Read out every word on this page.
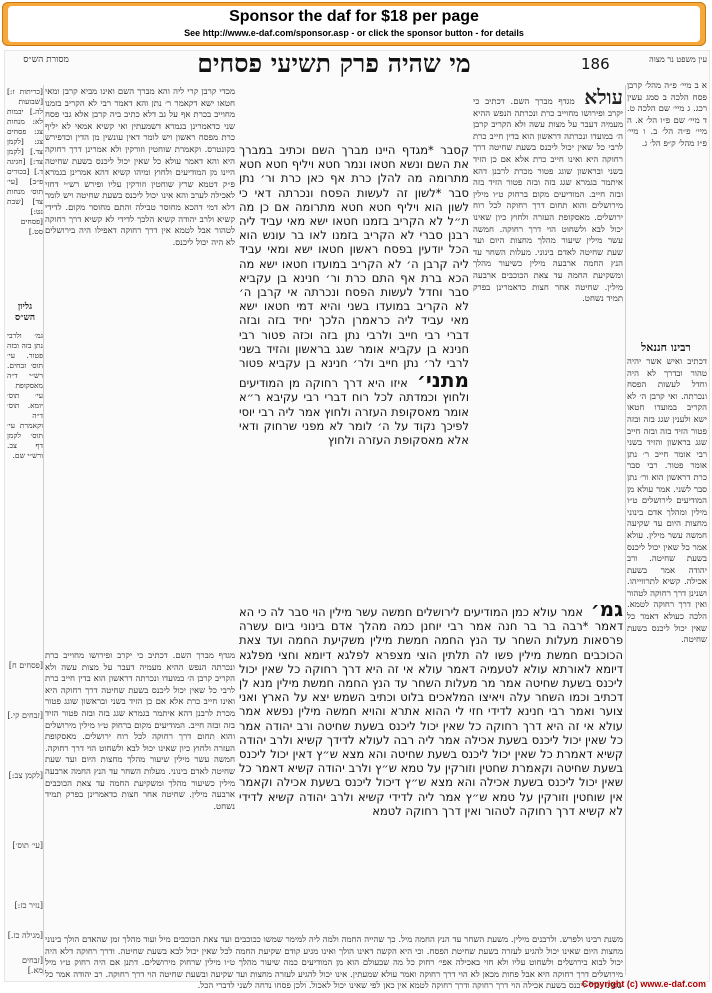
Sponsor the daf for $18 per page
See http://www.e-daf.com/sponsor.asp - or click the sponsor button - for details
מסורת הש״ס	מי שהיה פרק תשיעי פסחים	186	עין משפט נר מצוה
מכדי קרבן קרי ליה והא מברך השם ואינו מביא קרבן ומאי חטאו ישא דקאמר ר׳ נתן והא דאמר רבי לא הקריב בזמנו מחוייב בכרת אף על גב דלא כתיב ביה קרבן אלא גבי פסח שני כדאמרינן בגמרא דשמעתין ואי קשיא אמאי לא יליף כרת מפסח ראשון ויש לומר דאין עונשין מן הדין וכדפירש בקונטרס. וקאמרת שוחטין וזורקין ולא אמרינן דרך רחוקה היא והא דאמר עולא כל שאין יכול ליכנס בשעת שחיטה היינו מן המודיעים ולחוץ ומיהו קשיא דהא אמרינן בגמרא פ״ק דטמא שרץ שוחטין וזורקין עליו ופירש רש״י דחזי לאכילה לערב והא אינו יכול ליכנס בשעת שחיטה ויש לומר דלא דמי דהכא מחוסר טבילה והתם מחוסר מקום. לדידי קשיא ולרב יהודה קשיא הלכך לדידי לא קשיא דרך רחוקה לטהור אבל לטמא אין דרך רחוקה דאפילו היה בירושלים לא היה יכול ליכנס.
קסבר *מגדף היינו מברך השם וכתיב במברך את השם ונשא חטאו ונמר חטא ויליף חטא חטא מתרומה מה להלן כרת אף כאן כרת ור׳ נתן סבר *לשון זה לעשות הפסח ונכרתה דאי כי לשון הוא ויליף חטא חטא מתרומה אם כן מה ת״ל לא הקריב בזמנו חטאו ישא מאי עביד ליה רבנן סברי לא הקריב בזמנו לאו בר עונש הוא הכל יודעין בפסח ראשון חטאו ישא ומאי עביד ליה קרבן ה׳ לא הקריב במועדו חטאו ישא מה הכא ברת אף התם כרת ור׳ חנינא בן עקביא סבר וחדל לעשות הפסח ונכרתה אי קרבן ה׳ לא הקריב במועדו בשני והיא דמי חטאו ישא מאי עביד ליה כראמרן הלכך יחיד בזה ובזה דברי רבי חייב ולרבי נתן בזה וכזה פטור רבי חנינא בן עקביא אומר שגג בראשון והזיד בשני לרבי לר׳ נתן חייב ולר׳ חנינא בן עקביא פטור מתני׳ איזו היא דרך רחוקה מן המודיעים ולחוץ וכמדתה לכל רוח דברי רבי עקיבא ר״א אומר מאסקופת העזרה ולחוץ אמר ליה רבי יוסי לפיכך נקוד על ה׳ לומר לא מפני שרחוק ודאי אלא מאסקופת העזרה ולחוץ
עולא מגדף מברך השם. דכתיב כי יקרב ופירושו מחוייב כרת ונכרתה הנפש ההיא מעמיה דעבר על מצות עשה ולא הקריב קרבן ה׳ במועדו ונכרתה דראשון הוא בדין חייב כרת לרבי כל שאין יכול ליכנס בשעת שחיטה דרך רחוקה היא ואינו חייב כרת אלא אם כן הזיד בשני ובראשון שוגג פטור מכרת לרבנן דהא איתמר בגמרא שגג בזה ובזה פטור הזיד בזה ובזה חייב. המודיעים מקום ברחוק ט״ו מילין מירושלים והוא תחום דרך רחוקה לכל רוח ירושלים. מאסקופת העזרה ולחוץ כיון שאינו יכול לבא ולשחוט הוי דרך רחוקה. חמשה עשר מילין שיעור מהלך מחצות היום ועד שעת שחיטה לאדם בינוני. מעלות השחר עד הנץ החמה ארבעה מילין כשיעור מהלך ומשקיעת החמה עד צאת הכוכבים ארבעה מילין. שחיטה אחר חצות כדאמרינן בפרק תמיד נשחט.
גמ׳ אמר עולא כמן המודיעים לירושלים חמשה עשר מילין הוי סבר לה כי הא דאמר *רבה בר בר חנה אמר רבי יוחנן כמה מהלך אדם בינוני ביום עשרה פרסאות מעלות השחר עד הנץ החמה חמשת מילין משקיעת החמה ועד צאת הכוכבים חמשת מילין פשו לה תלתין הוצי מצפרא לפלגא דיומא וחצי מפלגא דיומא לאורתא עולא לטעמיה דאמר עולא אי זה היא דרך רחוקה כל שאין יכול ליכנס בשעת שחיטה אמר מר מעלות השחר עד הנץ החמה חמשת מילין מנא לן דכתיב וכמו השחר עלה ויאיצו המלאכים בלוט וכתיב השמש יצא על הארץ ואני צוער ואמר רבי חנינא לדידי חזי לי ההוא אתרא והויא חמשה מילין נפשא אמר עולא אי זה היא דרך רחוקה כל שאין יכול ליכנס בשעת שחיטה ורב יהודה אמר כל שאין יכול ליכנס בשעת אכילה אמר ליה רבה לעולא לדידך קשיא ולרב יהודה קשיא דאמרת כל שאין יכול ליכנס בשעת שחיטה והא מצא ש״ץ דאין יכול ליכנס בשעת שחיטה וקאמרת שחטין וזורקין על טמא ש״ץ ולרב יהודה קשיא דאמר כל שאין יכול ליכנס בשעת אכילה והא מצא ש״ץ דיכול ליכנס בשעת אכילה וקאמר אין שוחטין וזורקין על טמא ש״ץ אמר ליה לדידי קשיא ולרב יהודה קשיא לדידי לא קשיא דרך רחוקה לטהור ואין דרך רחוקה לטמא
מגדף מברך השם. דכתיב כי יקרב ופירושו מחוייב כרת ונכרתה הנפש ההיא מעמיה דעבר על מצות עשה ולא הקריב קרבן ה׳ במועדו ונכרתה דראשון הוא בדין חייב כרת לרבי כל שאין יכול ליכנס בשעת שחיטה דרך רחוקה היא ואינו חייב כרת אלא אם כן הזיד בשני ובראשון שוגג פטור מכרת לרבנן דהא איתמר בגמרא שגג בזה ובזה פטור הזיד בזה ובזה חייב. המודיעים מקום ברחוק ט״ו מילין מירושלים והוא תחום דרך רחוקה לכל רוח ירושלים. מאסקופת העזרה ולחוץ כיון שאינו יכול לבא ולשחוט הוי דרך רחוקה. חמשה עשר מילין שיעור מהלך מחצות היום ועד שעת שחיטה לאדם בינוני. מעלות השחר עד הנץ החמה ארבעה מילין כשיעור מהלך ומשקיעת החמה עד צאת הכוכבים ארבעה מילין. שחיטה אחר חצות כדאמרינן בפרק תמיד נשחט.
משנת רבינו ולפרש. ולרבנים מילין. משעת השחר עד הנץ החמה מיל. כך שהייה החמה ולמה ליה למימר שמשו ככוכבים ועד צאת הכוכבים מיל ועוד מהלך זמן שהאדם הולך בינוני מחצות היום שאינו יכול להגיע לעזרה בשעת שחיטת הפסח. וכי היא הקשה דאינו הולך ואינו מגיע קודם שקיעת החמה לכל שאין יכול לבא בשעת שחיטה. ודרך רחוקה דלא היה יכול לבוא בירושלים ולשחוט עליו ולא חזי באכילה אפי׳ רחוק כל מה שבעולם הוא מן המודיעים כמה שיעור מהלך ט״ו מילין שרחוק מירושלים. דתנן אם היה רחוק ט״ו מיל מירושלים דרך רחוקה היא אבל פחות מכאן לא הוי דרך רחוקה ואמר עולא שמעתין. אינו יכול להגיע לעזרה מחצות ועד שקיעה ובשעת שחיטה הוי דרך רחוקה. רב יהודה אמר כל שאינו יכול ליכנס בשעת אכילה הוי דרך רחוקה ודרך רחוקה לטמא אין כאן לפי שאינו יכול לאכול. ולכן פסחו נדחה לשני לדברי הכל.
רבינו חננאל
דכתיב ואיש אשר יהיה טהור ובדרך לא היה וחדל לעשות הפסח ונכרתה. ואי קרבן ה׳ לא הקריב במועדו חטאו ישא ולענין שגג בזה ובזה פטור הזיד בזה ובזה חייב שגג בראשון והזיד בשני רבי אומר חייב ר׳ נתן אומר פטור. רבי סבר כרת דראשון הוא ור׳ נתן סבר לשני. אמר עולא מן המודיעים לירושלים ט״ו מילין ומהלך אדם בינוני מחצות היום עד שקיעה חמשה עשר מילין. עולא אמר כל שאין יכול ליכנס בשעת שחיטה. ורב יהודה אמר בשעת אכילה. קשיא לתרווייהו. ושנינן דרך רחוקה לטהור ואין דרך רחוקה לטמא. הלכה כעולא דאמר כל שאין יכול ליכנס בשעת שחיטה.
א ב מיי׳ פ״ה מהל׳ קרבן פסח הלכה ב סמג עשין רכג. ג מיי׳ שם הלכה ט. ד מיי׳ שם פ״ו הל׳ א. ה מיי׳ פ״ה הל׳ ב. ו מיי׳ פ״ז מהל׳ ק״פ הל׳ ג.
[כריתות ז:] [שבועות לה.] יבמות לא: מנחות צג: פסחים צג: [לקמן צד.] [לקמן צד:] [חגיגה ד.] [בכורים פ״ב] [עי׳ תוס׳ מנחות צד] [שבת נט:] [פסחים סט.]
גליון הש״ס
גמ׳ ולרבי נתן בזה ובזה פטור. עי׳ תוס׳ זבחים. רש״י ד״ה מאסקופת עי׳ תוס׳ יומא. תוס׳ ד״ה וקאמרת עי׳ תוס׳ לקמן דף צב. ורש״י שם.
[פסחים ח]
[זבחים קי.]
[לקמן צב:]
[עי׳ תוס׳]
[נזיר כז:]
[מגילה כז.]
[זבחים מא.]
Copyright (c) www.e-daf.com
